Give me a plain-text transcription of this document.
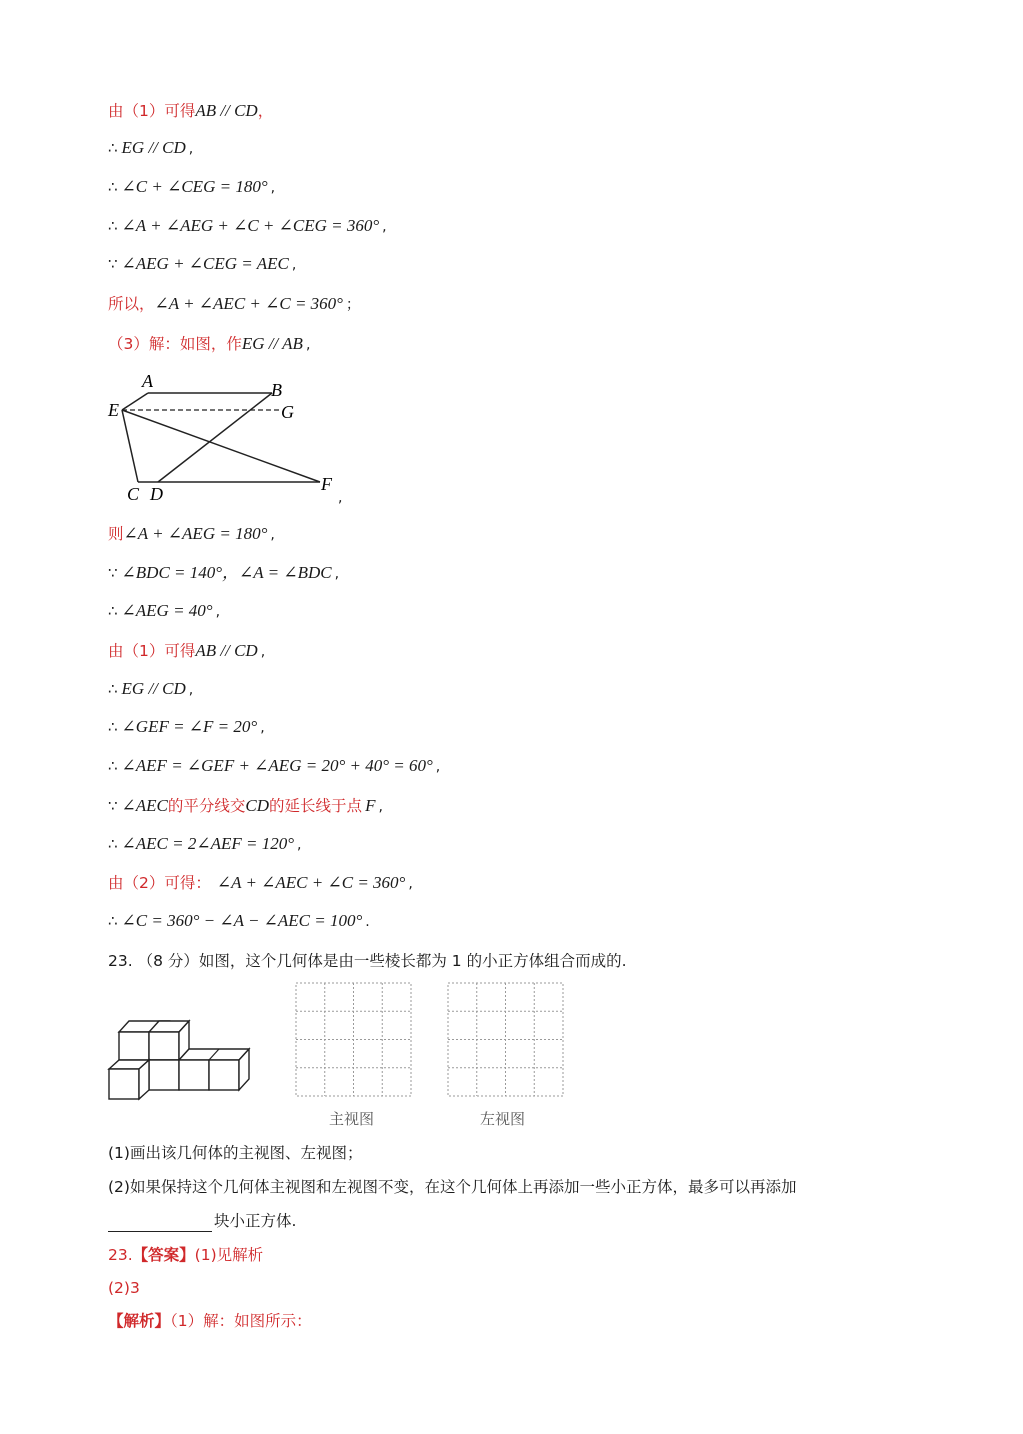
由（1）可得AB // CD，
∴ EG // CD ,
∴ ∠C + ∠CEG = 180° ,
∴ ∠A + ∠AEG + ∠C + ∠CEG = 360° ,
∵ ∠AEG + ∠CEG = AEC ,
所以，∠A + ∠AEC + ∠C = 360° ；
（3）解：如图，作EG // AB ,
A	B
E	G
C D	F
,
则∠A + ∠AEG = 180° ,
∵ ∠BDC = 140°，∠A = ∠BDC ,
∴ ∠AEG = 40° ,
由（1）可得AB // CD ,
∴ EG // CD ,
∴ ∠GEF = ∠F = 20° ,
∴ ∠AEF = ∠GEF + ∠AEG = 20° + 40° = 60° ,
∵ ∠AEC的平分线交CD的延长线于点 F ,
∴ ∠AEC = 2∠AEF = 120° ,
由（2）可得： ∠A + ∠AEC + ∠C = 360° ,
∴ ∠C = 360° − ∠A − ∠AEC = 100° .
23. （8 分）如图，这个几何体是由一些棱长都为 1 的小正方体组合而成的.
主视图	左视图
(1)画出该几何体的主视图、左视图；
(2)如果保持这个几何体主视图和左视图不变，在这个几何体上再添加一些小正方体，最多可以再添加
块小正方体.
23.【答案】(1)见解析
(2)3
【解析】（1）解：如图所示：
